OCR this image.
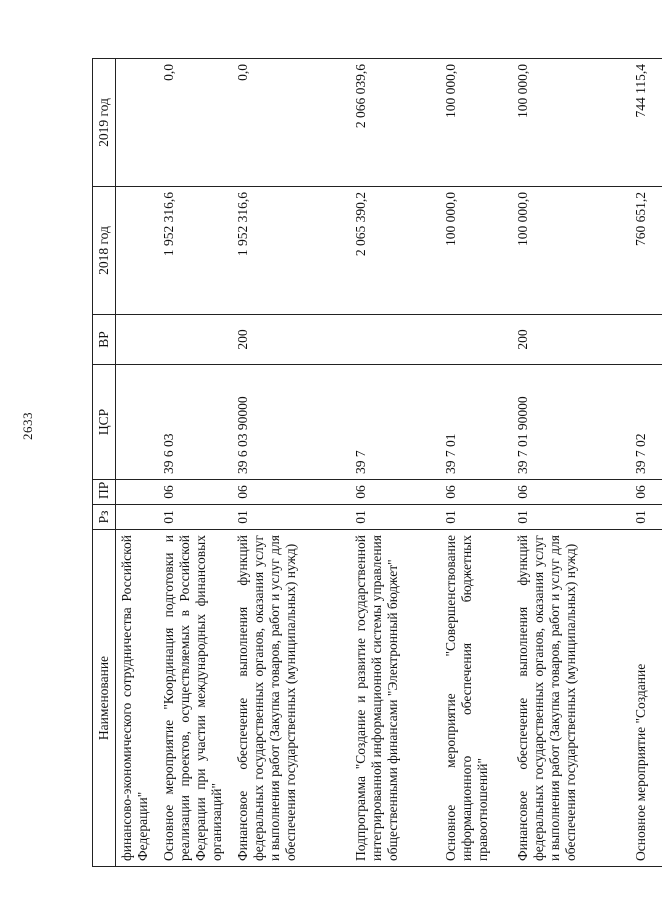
2633
Наименование	Рз	ПР	ЦСР	ВР	2018 год	2019 год
финансово-экономического сотрудничества Российской Федерации"						
Основное мероприятие "Координация подготовки и реализации проектов, осуществляемых в Российской Федерации при участии международных финансовых организаций"	01	06	39 6 03		1 952 316,6	0,0
Финансовое обеспечение выполнения функций федеральных государственных органов, оказания услуг и выполнения работ (Закупка товаров, работ и услуг для обеспечения государственных (муниципальных) нужд)	01	06	39 6 03 90000	200	1 952 316,6	0,0
Подпрограмма "Создание и развитие государственной интегрированной информационной системы управления общественными финансами "Электронный бюджет"	01	06	39 7		2 065 390,2	2 066 039,6
Основное мероприятие "Совершенствование информационного обеспечения бюджетных правоотношений"	01	06	39 7 01		100 000,0	100 000,0
Финансовое обеспечение выполнения функций федеральных государственных органов, оказания услуг и выполнения работ (Закупка товаров, работ и услуг для обеспечения государственных (муниципальных) нужд)	01	06	39 7 01 90000	200	100 000,0	100 000,0
Основное мероприятие "Создание	01	06	39 7 02		760 651,2	744 115,4
